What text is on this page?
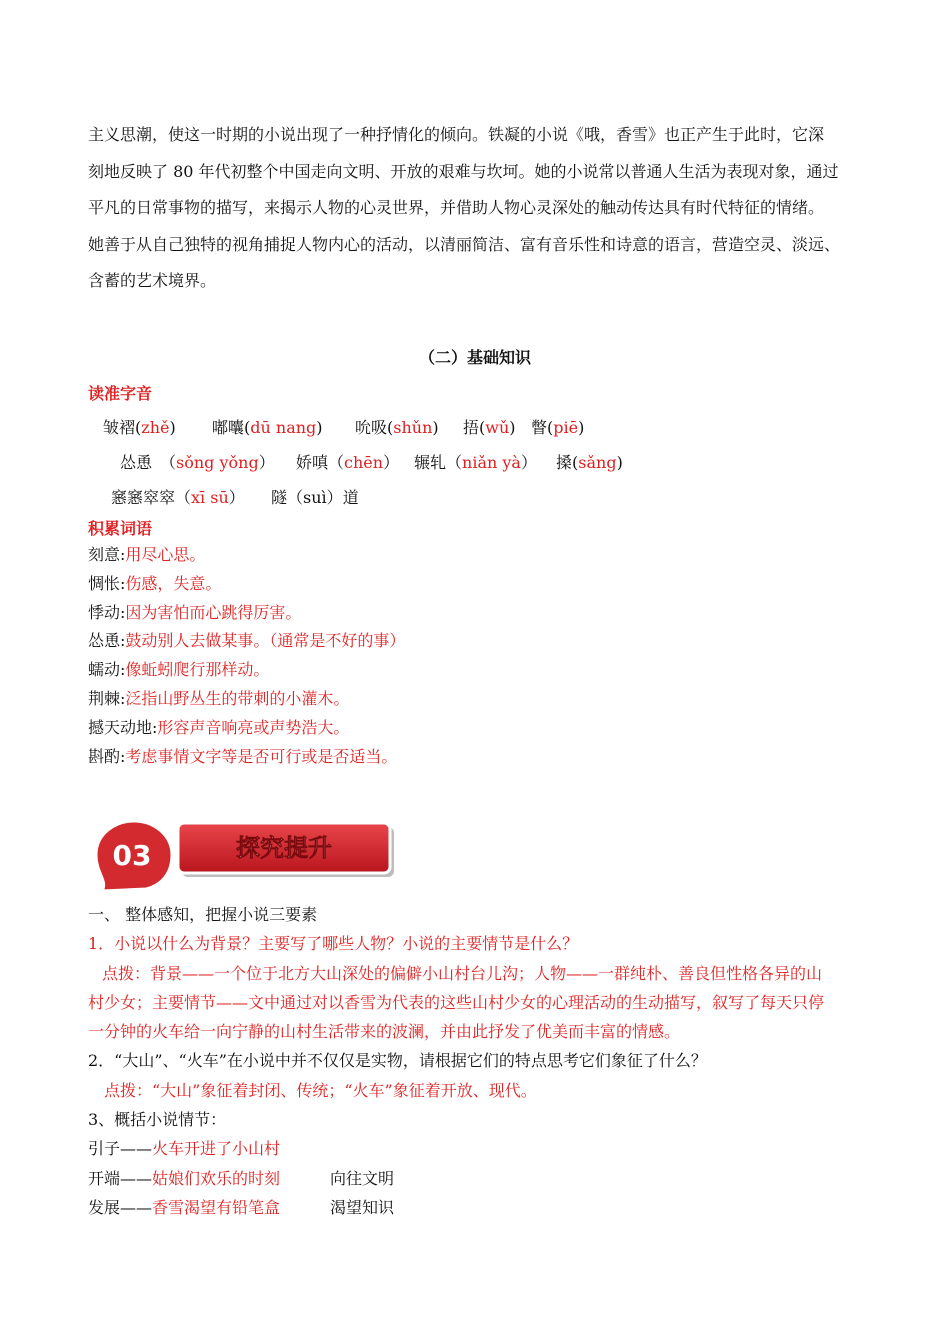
主义思潮，使这一时期的小说出现了一种抒情化的倾向。铁凝的小说《哦，香雪》也正产生于此时，它深
刻地反映了 80 年代初整个中国走向文明、开放的艰难与坎坷。她的小说常以普通人生活为表现对象，通过
平凡的日常事物的描写，来揭示人物的心灵世界，并借助人物心灵深处的触动传达具有时代特征的情绪。
她善于从自己独特的视角捕捉人物内心的活动，以清丽简洁、富有音乐性和诗意的语言，营造空灵、淡远、
含蓄的艺术境界。
（二）基础知识
读准字音
皱褶(zhě) 嘟囔(dū nang) 吮吸(shǔn) 捂(wǔ) 瞥(piē)
怂恿　（sǒng yǒng） 娇嗔（chēn） 辗轧（niǎn yà） 搡(sǎng)
窸窸窣窣（xī sū） 隧（suì）道
积累词语
刻意:用尽心思。
惆怅:伤感，失意。
悸动:因为害怕而心跳得厉害。
怂恿:鼓动别人去做某事。（通常是不好的事）
蠕动:像蚯蚓爬行那样动。
荆棘:泛指山野丛生的带刺的小灌木。
撼天动地:形容声音响亮或声势浩大。
斟酌:考虑事情文字等是否可行或是否适当。
03	探究提升
一、 整体感知，把握小说三要素
1．小说以什么为背景？主要写了哪些人物？小说的主要情节是什么？
点拨：背景——一个位于北方大山深处的偏僻小山村台儿沟；人物——一群纯朴、善良但性格各异的山
村少女；主要情节——文中通过对以香雪为代表的这些山村少女的心理活动的生动描写，叙写了每天只停
一分钟的火车给一向宁静的山村生活带来的波澜，并由此抒发了优美而丰富的情感。
2．“大山”、“火车”在小说中并不仅仅是实物，请根据它们的特点思考它们象征了什么？
点拨：“大山”象征着封闭、传统；“火车”象征着开放、现代。
3、概括小说情节：
引子——火车开进了小山村
开端——姑娘们欢乐的时刻	向往文明
发展——香雪渴望有铅笔盒	渴望知识
